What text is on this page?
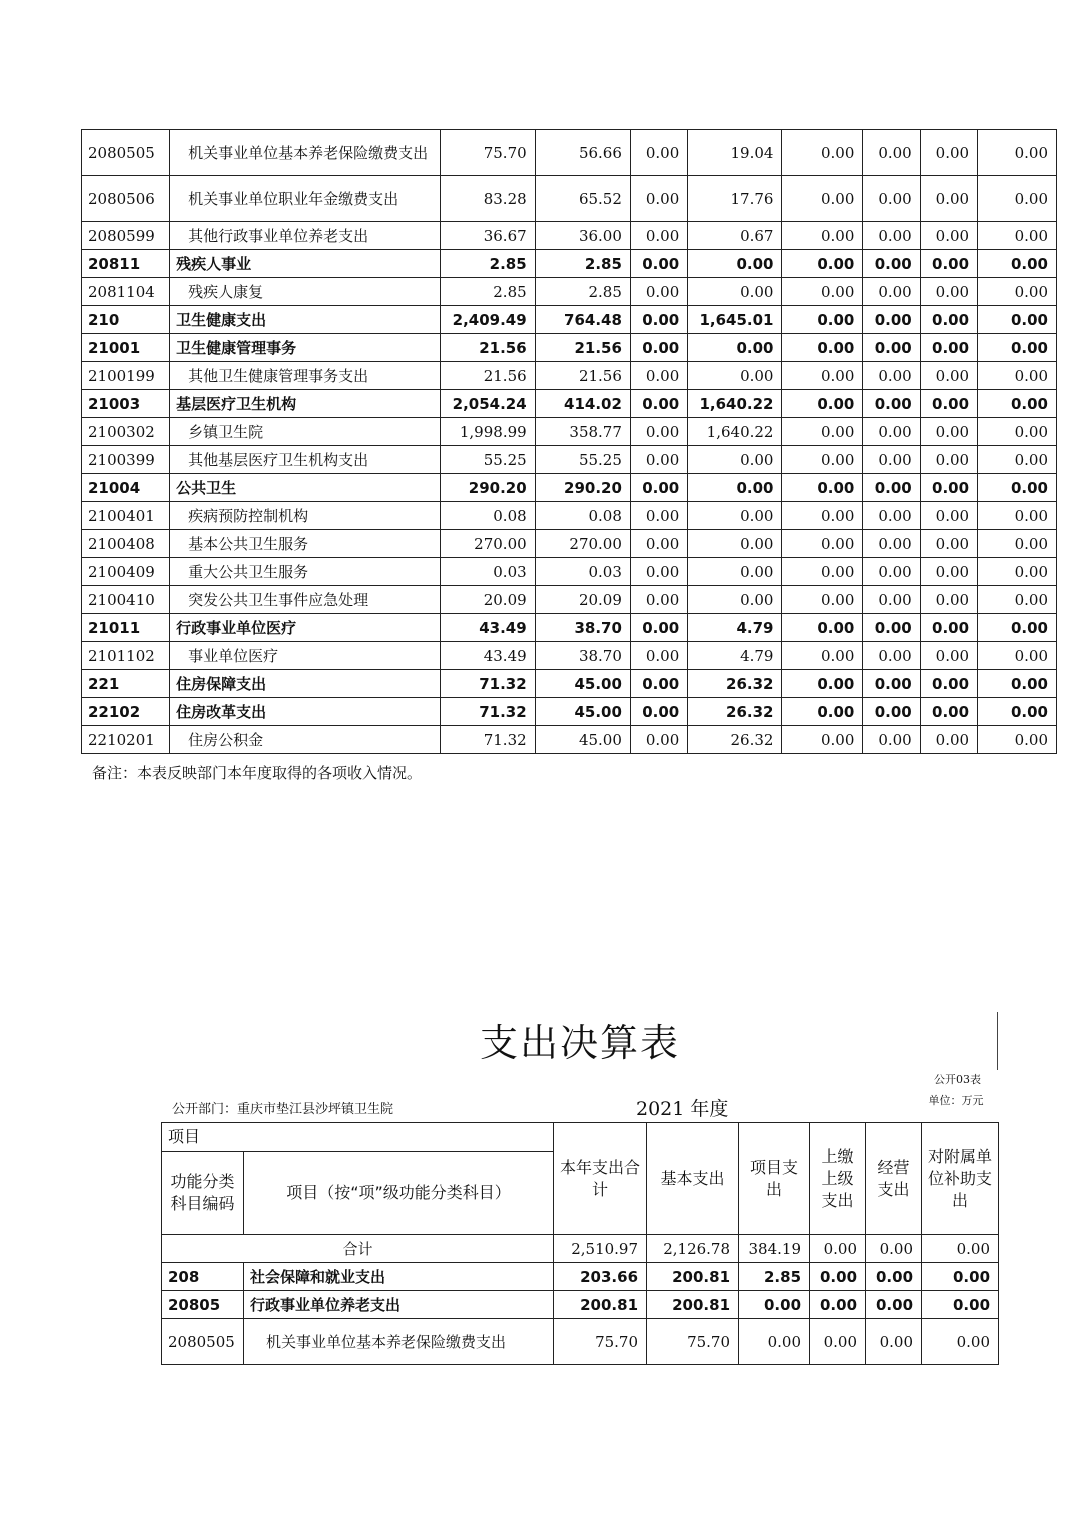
2080505	机关事业单位基本养老保险缴费支出	75.70	56.66	0.00	19.04	0.00	0.00	0.00	0.00
2080506	机关事业单位职业年金缴费支出	83.28	65.52	0.00	17.76	0.00	0.00	0.00	0.00
2080599	其他行政事业单位养老支出	36.67	36.00	0.00	0.67	0.00	0.00	0.00	0.00
20811	残疾人事业	2.85	2.85	0.00	0.00	0.00	0.00	0.00	0.00
2081104	残疾人康复	2.85	2.85	0.00	0.00	0.00	0.00	0.00	0.00
210	卫生健康支出	2,409.49	764.48	0.00	1,645.01	0.00	0.00	0.00	0.00
21001	卫生健康管理事务	21.56	21.56	0.00	0.00	0.00	0.00	0.00	0.00
2100199	其他卫生健康管理事务支出	21.56	21.56	0.00	0.00	0.00	0.00	0.00	0.00
21003	基层医疗卫生机构	2,054.24	414.02	0.00	1,640.22	0.00	0.00	0.00	0.00
2100302	乡镇卫生院	1,998.99	358.77	0.00	1,640.22	0.00	0.00	0.00	0.00
2100399	其他基层医疗卫生机构支出	55.25	55.25	0.00	0.00	0.00	0.00	0.00	0.00
21004	公共卫生	290.20	290.20	0.00	0.00	0.00	0.00	0.00	0.00
2100401	疾病预防控制机构	0.08	0.08	0.00	0.00	0.00	0.00	0.00	0.00
2100408	基本公共卫生服务	270.00	270.00	0.00	0.00	0.00	0.00	0.00	0.00
2100409	重大公共卫生服务	0.03	0.03	0.00	0.00	0.00	0.00	0.00	0.00
2100410	突发公共卫生事件应急处理	20.09	20.09	0.00	0.00	0.00	0.00	0.00	0.00
21011	行政事业单位医疗	43.49	38.70	0.00	4.79	0.00	0.00	0.00	0.00
2101102	事业单位医疗	43.49	38.70	0.00	4.79	0.00	0.00	0.00	0.00
221	住房保障支出	71.32	45.00	0.00	26.32	0.00	0.00	0.00	0.00
22102	住房改革支出	71.32	45.00	0.00	26.32	0.00	0.00	0.00	0.00
2210201	住房公积金	71.32	45.00	0.00	26.32	0.00	0.00	0.00	0.00
备注：本表反映部门本年度取得的各项收入情况。
支出决算表
公开03表
公开部门：重庆市垫江县沙坪镇卫生院	2021 年度	单位：万元
项目		本年支出合计	基本支出	项目支出	上缴上级支出	经营支出	对附属单位补助支出
功能分类科目编码	项目（按“项”级功能分类科目）						
合计		2,510.97	2,126.78	384.19	0.00	0.00	0.00
208	社会保障和就业支出	203.66	200.81	2.85	0.00	0.00	0.00
20805	行政事业单位养老支出	200.81	200.81	0.00	0.00	0.00	0.00
2080505	机关事业单位基本养老保险缴费支出	75.70	75.70	0.00	0.00	0.00	0.00
